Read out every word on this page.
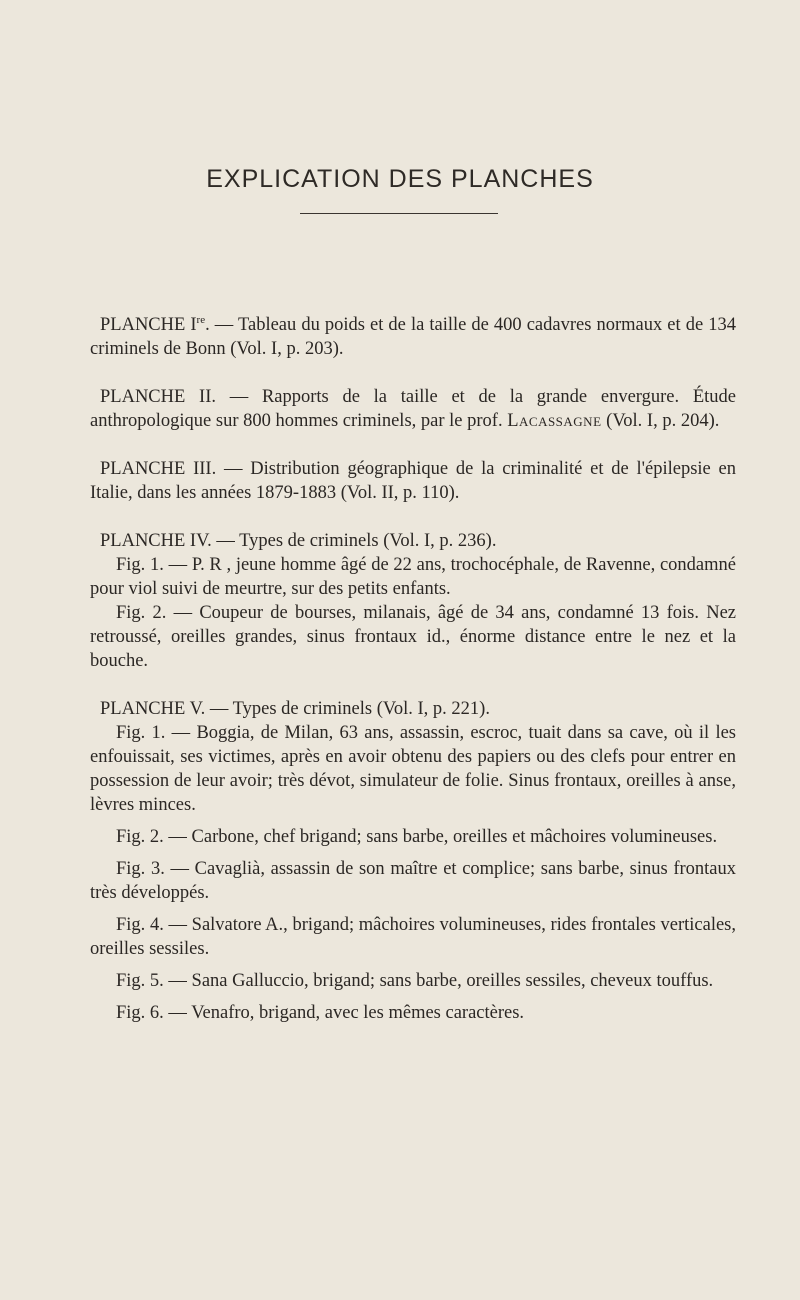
EXPLICATION DES PLANCHES

PLANCHE Ire. — Tableau du poids et de la taille de 400 cadavres normaux et de 134 criminels de Bonn (Vol. I, p. 203).

PLANCHE II. — Rapports de la taille et de la grande envergure. Étude anthropologique sur 800 hommes criminels, par le prof. Lacassagne (Vol. I, p. 204).

PLANCHE III. — Distribution géographique de la criminalité et de l'épilepsie en Italie, dans les années 1879-1883 (Vol. II, p. 110).

PLANCHE IV. — Types de criminels (Vol. I, p. 236).

Fig. 1. — P. R , jeune homme âgé de 22 ans, trochocéphale, de Ravenne, condamné pour viol suivi de meurtre, sur des petits enfants.

Fig. 2. — Coupeur de bourses, milanais, âgé de 34 ans, condamné 13 fois. Nez retroussé, oreilles grandes, sinus frontaux id., énorme distance entre le nez et la bouche.

PLANCHE V. — Types de criminels (Vol. I, p. 221).

Fig. 1. — Boggia, de Milan, 63 ans, assassin, escroc, tuait dans sa cave, où il les enfouissait, ses victimes, après en avoir obtenu des papiers ou des clefs pour entrer en possession de leur avoir; très dévot, simulateur de folie. Sinus frontaux, oreilles à anse, lèvres minces.

Fig. 2. — Carbone, chef brigand; sans barbe, oreilles et mâchoires volumineuses.

Fig. 3. — Cavaglià, assassin de son maître et complice; sans barbe, sinus frontaux très développés.

Fig. 4. — Salvatore A., brigand; mâchoires volumineuses, rides frontales verticales, oreilles sessiles.

Fig. 5. — Sana Galluccio, brigand; sans barbe, oreilles sessiles, cheveux touffus.

Fig. 6. — Venafro, brigand, avec les mêmes caractères.
